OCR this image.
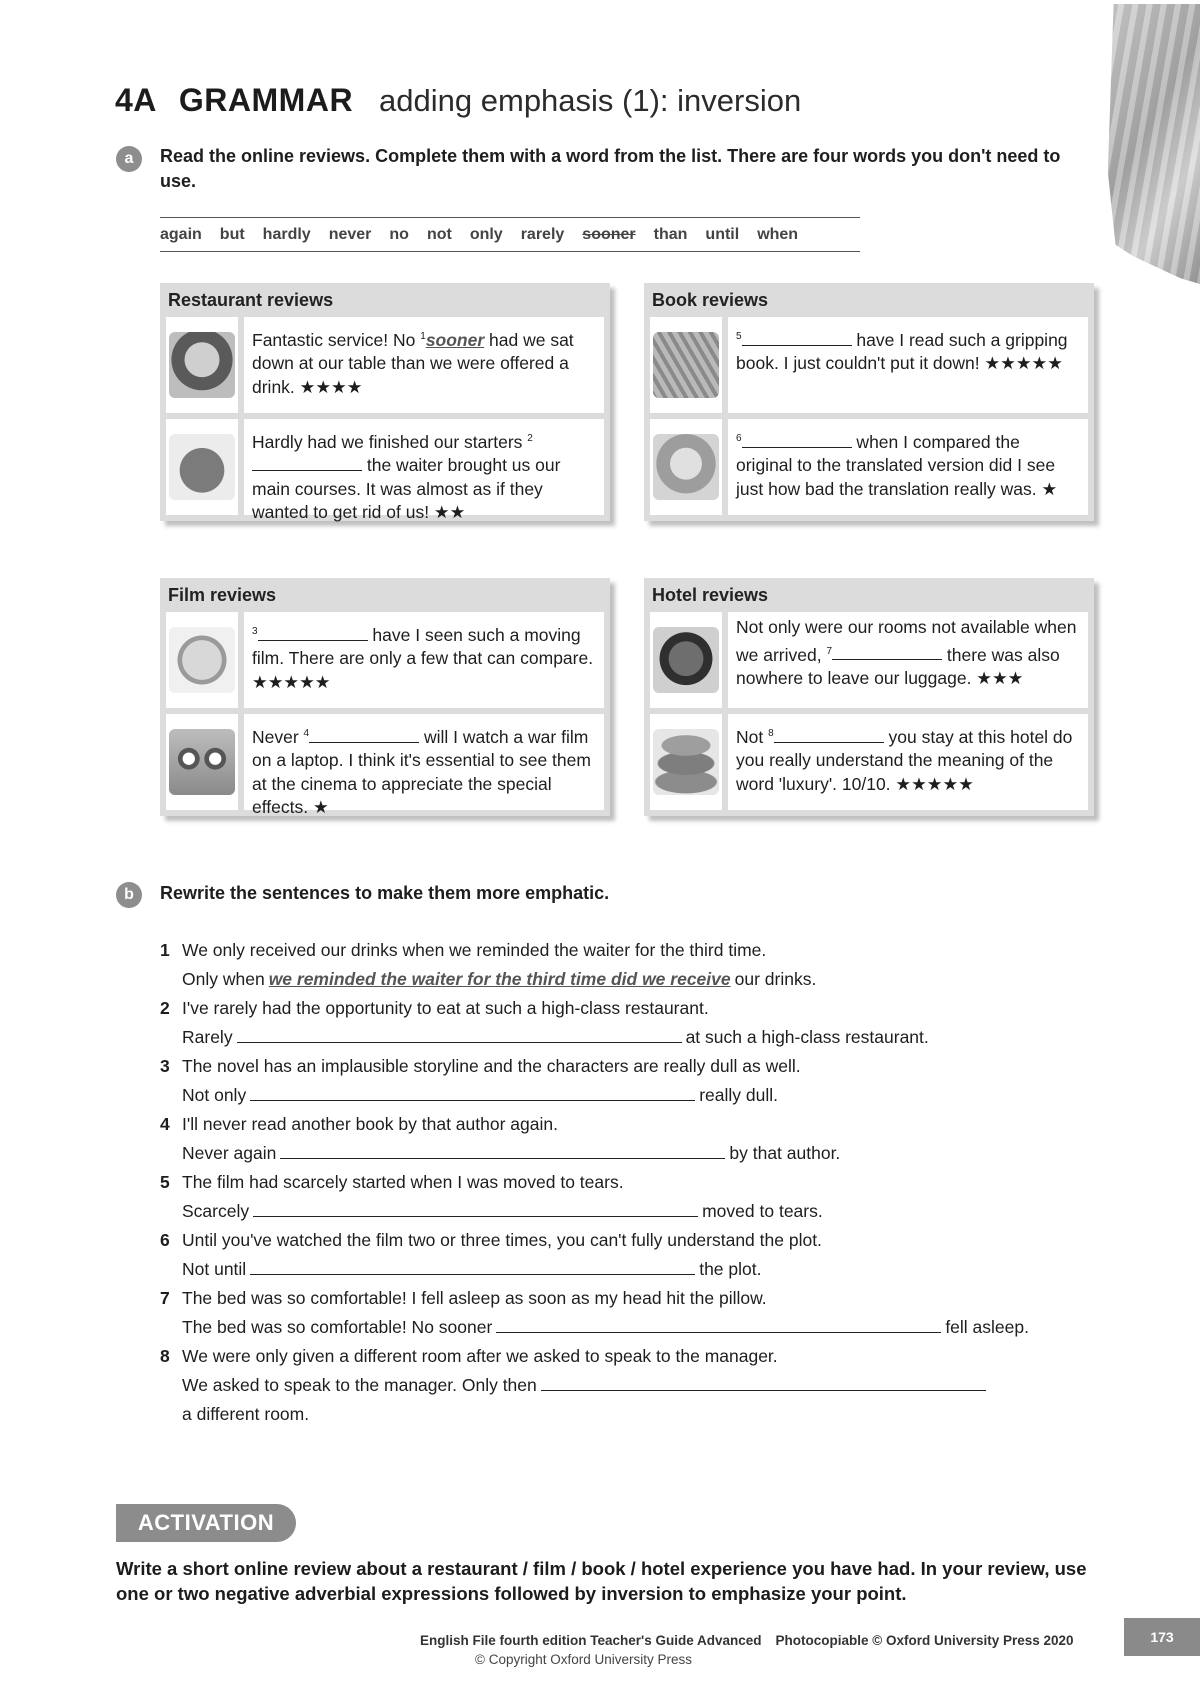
4A GRAMMAR adding emphasis (1): inversion
a	Read the online reviews. Complete them with a word from the list. There are four words you don't need to use.
again but hardly never no not only rarely sooner than until when
Restaurant reviews
Fantastic service! No $^1$sooner had we sat down at our table than we were offered a drink. ★★★★
Hardly had we finished our starters $^2$ the waiter brought us our main courses. It was almost as if they wanted to get rid of us! ★★
Book reviews
$^5$	have I read such a gripping book. I just couldn't put it down! ★★★★★
$^6$	when I compared the original to the translated version did I see just how bad the translation really was. ★
Film reviews
$^3$	have I seen such a moving film. There are only a few that can compare. ★★★★★
Never $^4$	will I watch a war film on a laptop. I think it's essential to see them at the cinema to appreciate the special effects. ★
Hotel reviews
Not only were our rooms not available when we arrived, $^7$	there was also nowhere to leave our luggage. ★★★
Not $^8$	you stay at this hotel do you really understand the meaning of the word 'luxury'. 10/10. ★★★★★
b	Rewrite the sentences to make them more emphatic.
1 We only received our drinks when we reminded the waiter for the third time.
Only when we reminded the waiter for the third time did we receive our drinks.
2 I've rarely had the opportunity to eat at such a high-class restaurant.
Rarely	at such a high-class restaurant.
3 The novel has an implausible storyline and the characters are really dull as well.
Not only	really dull.
4 I'll never read another book by that author again.
Never again	by that author.
5 The film had scarcely started when I was moved to tears.
Scarcely	moved to tears.
6 Until you've watched the film two or three times, you can't fully understand the plot.
Not until	the plot.
7 The bed was so comfortable! I fell asleep as soon as my head hit the pillow.
The bed was so comfortable! No sooner	fell asleep.
8 We were only given a different room after we asked to speak to the manager.
We asked to speak to the manager. Only then
a different room.
ACTIVATION
Write a short online review about a restaurant / film / book / hotel experience you have had. In your review, use one or two negative adverbial expressions followed by inversion to emphasize your point.
English File fourth edition Teacher's Guide Advanced Photocopiable © Oxford University Press 2020
© Copyright Oxford University Press
173
